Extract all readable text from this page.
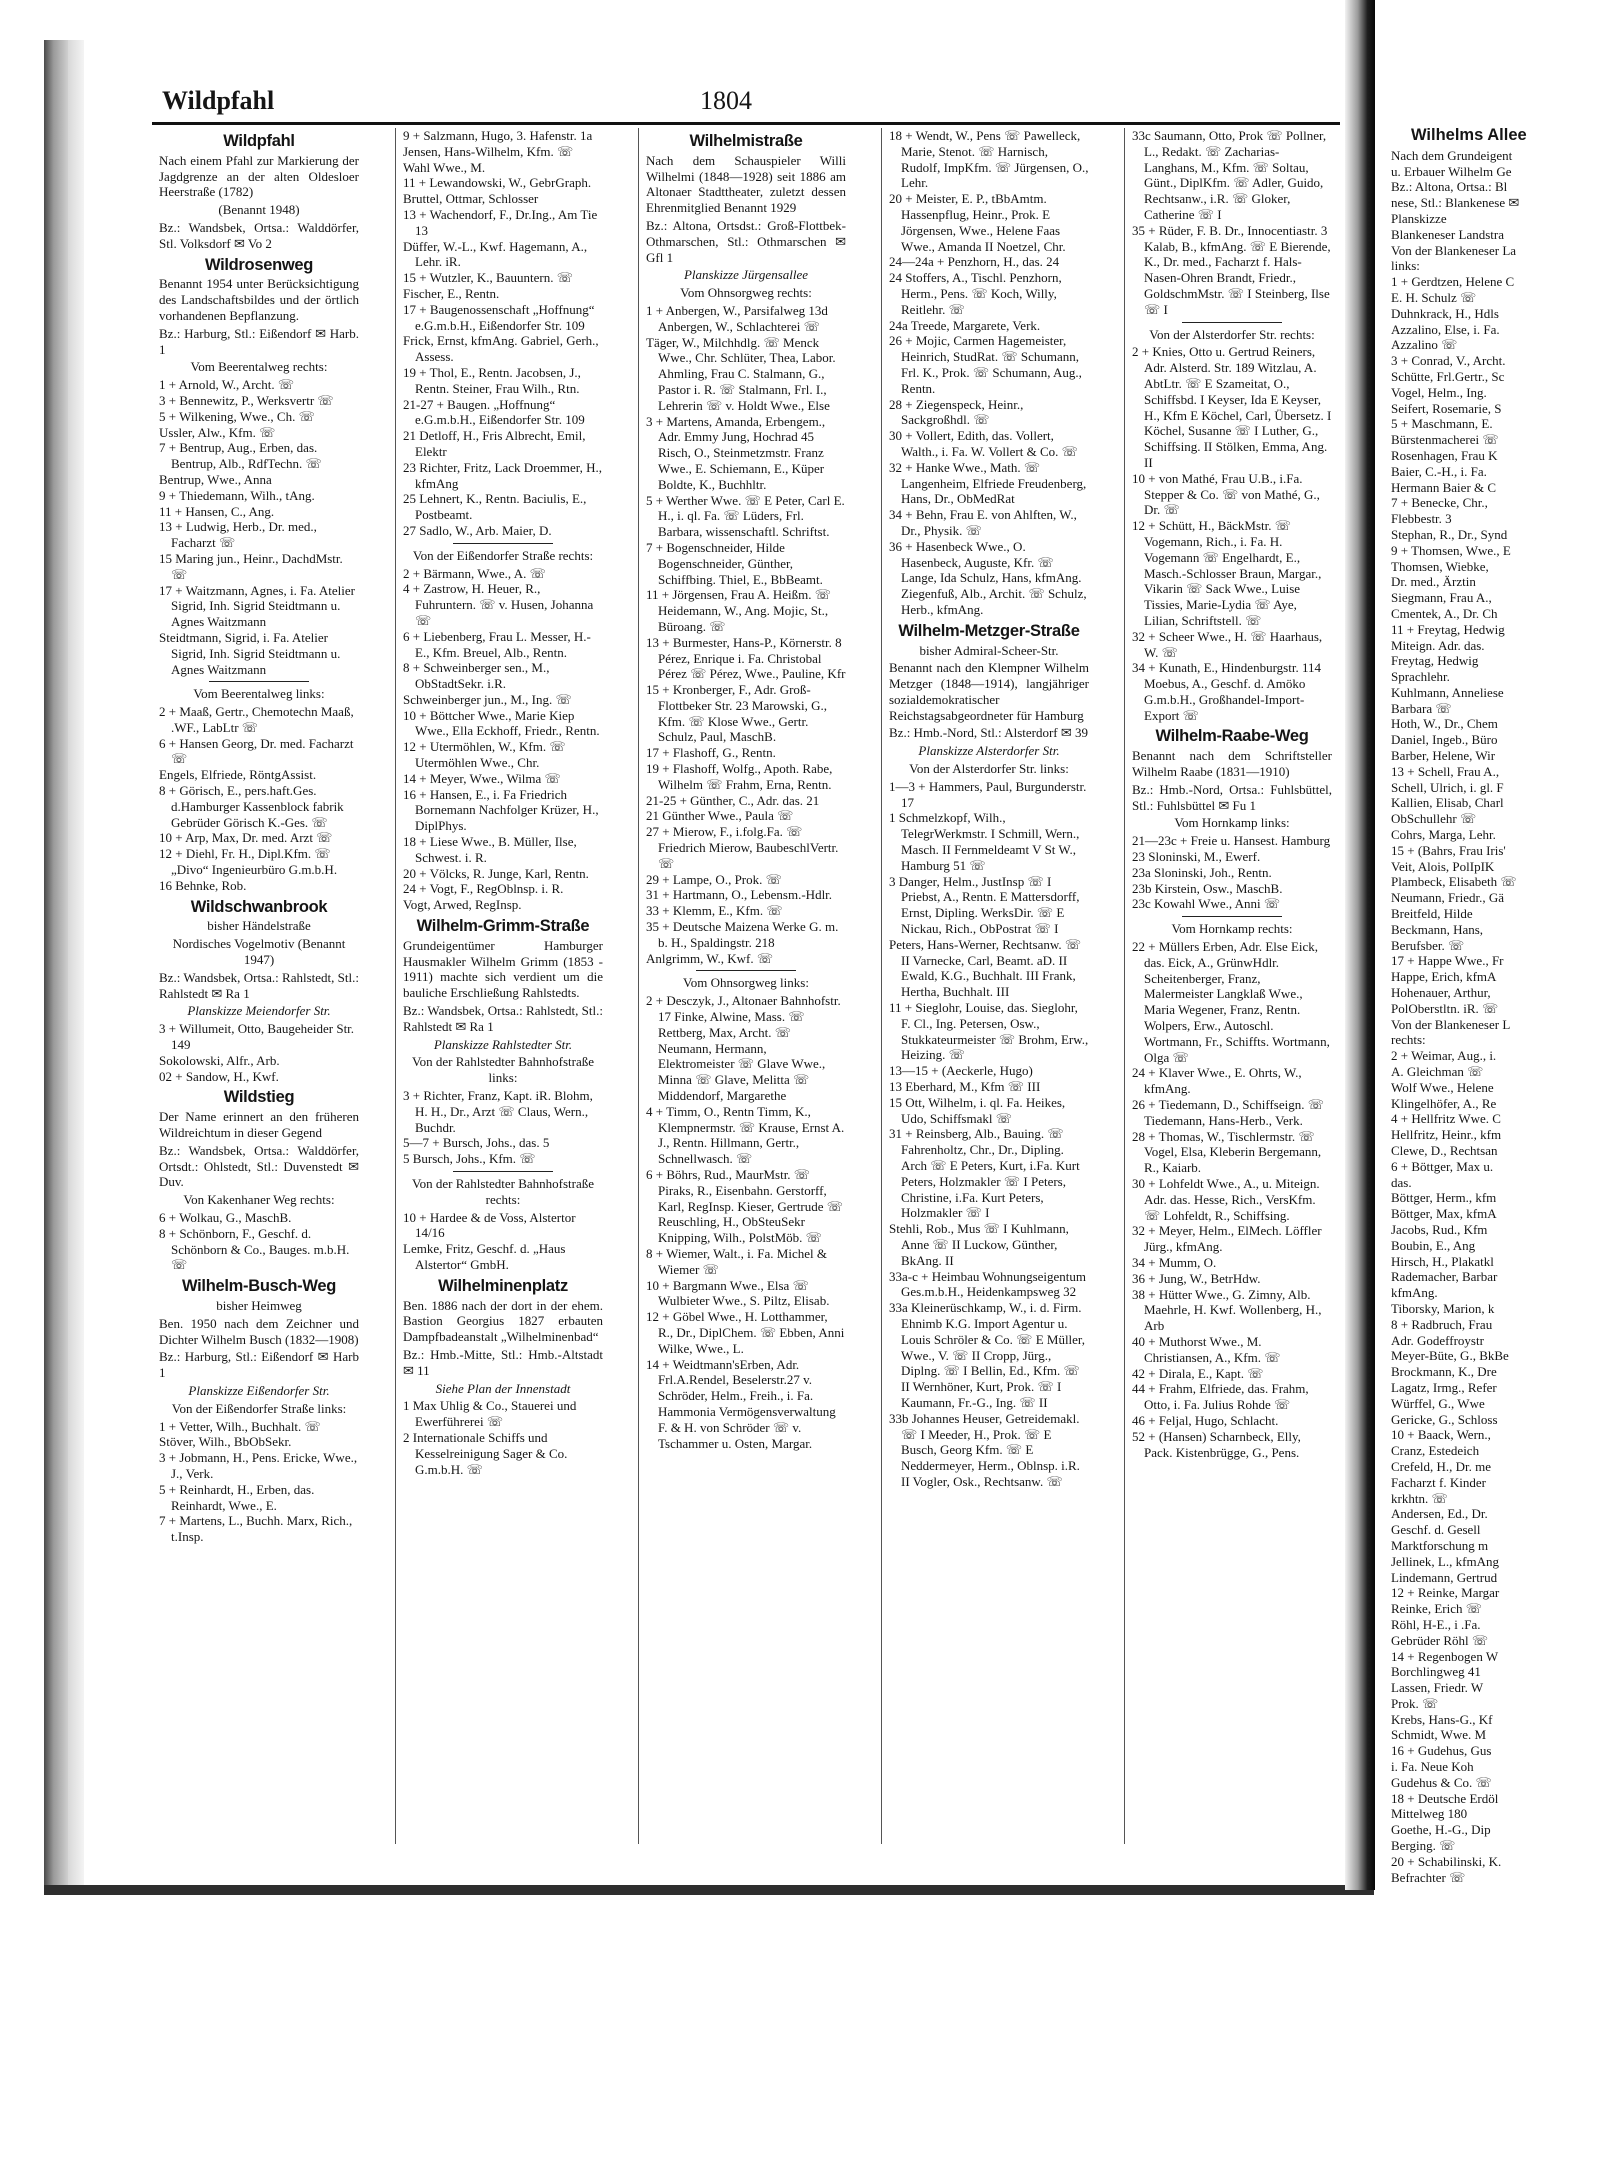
Wildpfahl	1804
Wildpfahl

Nach einem Pfahl zur Markierung der Jagdgrenze an der alten Oldesloer Heerstraße (1782)

(Benannt 1948)

Bz.: Wandsbek, Ortsa.: Walddörfer, Stl. Volksdorf ✉ Vo 2

Wildrosenweg

Benannt 1954 unter Berücksichtigung des Landschaftsbildes und der örtlich vorhandenen Bepflanzung.

Bz.: Harburg, Stl.: Eißendorf ✉ Harb. 1

Vom Beerentalweg rechts:

1 + Arnold, W., Archt. ☏

3 + Bennewitz, P., Werksvertr ☏

5 + Wilkening, Wwe., Ch. ☏

Ussler, Alw., Kfm. ☏

7 + Bentrup, Aug., Erben, das. Bentrup, Alb., RdfTechn. ☏

Bentrup, Wwe., Anna

9 + Thiedemann, Wilh., tAng.

11 + Hansen, C., Ang.

13 + Ludwig, Herb., Dr. med., Facharzt ☏

15 Maring jun., Heinr., DachdMstr. ☏

17 + Waitzmann, Agnes, i. Fa. Atelier Sigrid, Inh. Sigrid Steidtmann u. Agnes Waitzmann

Steidtmann, Sigrid, i. Fa. Atelier Sigrid, Inh. Sigrid Steidtmann u. Agnes Waitzmann

Vom Beerentalweg links:

2 + Maaß, Gertr., Chemotechn Maaß, .WF., LabLtr ☏

6 + Hansen Georg, Dr. med. Facharzt ☏

Engels, Elfriede, RöntgAssist.

8 + Görisch, E., pers.haft.Ges. d.Hamburger Kassenblock fabrik Gebrüder Görisch K.-Ges. ☏

10 + Arp, Max, Dr. med. Arzt ☏

12 + Diehl, Fr. H., Dipl.Kfm. ☏ „Divo“ Ingenieurbüro G.m.b.H.

16 Behnke, Rob.

Wildschwanbrook

bisher Händelstraße

Nordisches Vogelmotiv (Benannt 1947)

Bz.: Wandsbek, Ortsa.: Rahlstedt, Stl.: Rahlstedt ✉ Ra 1

Planskizze Meiendorfer Str.

3 + Willumeit, Otto, Baugeheider Str. 149

Sokolowski, Alfr., Arb.

02 + Sandow, H., Kwf.

Wildstieg

Der Name erinnert an den früheren Wildreichtum in dieser Gegend

Bz.: Wandsbek, Ortsa.: Walddörfer, Ortsdt.: Ohlstedt, Stl.: Duvenstedt ✉ Duv.

Von Kakenhaner Weg rechts:

6 + Wolkau, G., MaschB.

8 + Schönborn, F., Geschf. d. Schönborn & Co., Bauges. m.b.H. ☏

Wilhelm-Busch-Weg

bisher Heimweg

Ben. 1950 nach dem Zeichner und Dichter Wilhelm Busch (1832—1908)

Bz.: Harburg, Stl.: Eißendorf ✉ Harb 1

Planskizze Eißendorfer Str.

Von der Eißendorfer Straße links:

1 + Vetter, Wilh., Buchhalt. ☏

Stöver, Wilh., BbObSekr.

3 + Jobmann, H., Pens. Ericke, Wwe., J., Verk.

5 + Reinhardt, H., Erben, das. Reinhardt, Wwe., E.

7 + Martens, L., Buchh. Marx, Rich., t.Insp.

9 + Salzmann, Hugo, 3. Hafenstr. 1a

Jensen, Hans-Wilhelm, Kfm. ☏

Wahl Wwe., M.

11 + Lewandowski, W., GebrGraph.

Bruttel, Ottmar, Schlosser

13 + Wachendorf, F., Dr.Ing., Am Tie 13

Düffer, W.-L., Kwf. Hagemann, A., Lehr. iR.

15 + Wutzler, K., Bauuntern. ☏

Fischer, E., Rentn.

17 + Baugenossenschaft „Hoffnung“ e.G.m.b.H., Eißendorfer Str. 109

Frick, Ernst, kfmAng. Gabriel, Gerh., Assess.

19 + Thol, E., Rentn. Jacobsen, J., Rentn. Steiner, Frau Wilh., Rtn.

21-27 + Baugen. „Hoffnung“ e.G.m.b.H., Eißendorfer Str. 109

21 Detloff, H., Fris Albrecht, Emil, Elektr

23 Richter, Fritz, Lack Droemmer, H., kfmAng

25 Lehnert, K., Rentn. Baciulis, E., Postbeamt.

27 Sadlo, W., Arb. Maier, D.

Von der Eißendorfer Straße rechts:

2 + Bärmann, Wwe., A. ☏

4 + Zastrow, H. Heuer, R., Fuhruntern. ☏ v. Husen, Johanna ☏

6 + Liebenberg, Frau L. Messer, H.-E., Kfm. Breuel, Alb., Rentn.

8 + Schweinberger sen., M., ObStadtSekr. i.R.

Schweinberger jun., M., Ing. ☏

10 + Böttcher Wwe., Marie Kiep Wwe., Ella Eckhoff, Friedr., Rentn.

12 + Utermöhlen, W., Kfm. ☏ Utermöhlen Wwe., Chr.

14 + Meyer, Wwe., Wilma ☏

16 + Hansen, E., i. Fa Friedrich Bornemann Nachfolger Krüzer, H., DiplPhys.

18 + Liese Wwe., B. Müller, Ilse, Schwest. i. R.

20 + Völcks, R. Junge, Karl, Rentn.

24 + Vogt, F., RegOblnsp. i. R.

Vogt, Arwed, RegInsp.

Wilhelm-Grimm-Straße

Grundeigentümer Hamburger Hausmakler Wilhelm Grimm (1853 - 1911) machte sich verdient um die bauliche Erschließung Rahlstedts.

Bz.: Wandsbek, Ortsa.: Rahlstedt, Stl.: Rahlstedt ✉ Ra 1

Planskizze Rahlstedter Str.

Von der Rahlstedter Bahnhofstraße links:

3 + Richter, Franz, Kapt. iR. Blohm, H. H., Dr., Arzt ☏ Claus, Wern., Buchdr.

5—7 + Bursch, Johs., das. 5

5 Bursch, Johs., Kfm. ☏

Von der Rahlstedter Bahnhofstraße rechts:

10 + Hardee & de Voss, Alstertor 14/16

Lemke, Fritz, Geschf. d. „Haus Alstertor“ GmbH.

Wilhelminenplatz

Ben. 1886 nach der dort in der ehem. Bastion Georgius 1827 erbauten Dampfbadeanstalt „Wilhelminenbad“

Bz.: Hmb.-Mitte, Stl.: Hmb.-Altstadt ✉ 11

Siehe Plan der Innenstadt

1 Max Uhlig & Co., Stauerei und Ewerführerei ☏

2 Internationale Schiffs und Kesselreinigung Sager & Co. G.m.b.H. ☏

Wilhelmistraße

Nach dem Schauspieler Willi Wilhelmi (1848—1928) seit 1886 am Altonaer Stadttheater, zuletzt dessen Ehrenmitglied Benannt 1929

Bz.: Altona, Ortsdst.: Groß-Flottbek-Othmarschen, Stl.: Othmarschen ✉ Gfl 1

Planskizze Jürgensallee

Vom Ohnsorgweg rechts:

1 + Anbergen, W., Parsifalweg 13d Anbergen, W., Schlachterei ☏

Täger, W., Milchhdlg. ☏ Menck Wwe., Chr. Schlüter, Thea, Labor. Ahmling, Frau C. Stalmann, G., Pastor i. R. ☏ Stalmann, Frl. I., Lehrerin ☏ v. Holdt Wwe., Else

3 + Martens, Amanda, Erbengem., Adr. Emmy Jung, Hochrad 45 Risch, O., Steinmetzmstr. Franz Wwe., E. Schiemann, E., Küper Boldte, K., Buchhltr.

5 + Werther Wwe. ☏ E Peter, Carl E. H., i. ql. Fa. ☏ Lüders, Frl. Barbara, wissenschaftl. Schriftst.

7 + Bogenschneider, Hilde Bogenschneider, Günther, Schiffbing. Thiel, E., BbBeamt.

11 + Jörgensen, Frau A. Heißm. ☏ Heidemann, W., Ang. Mojic, St., Büroang. ☏

13 + Burmester, Hans-P., Körnerstr. 8 Pérez, Enrique i. Fa. Christobal Pérez ☏ Pérez, Wwe., Pauline, Kfr

15 + Kronberger, F., Adr. Groß-Flottbeker Str. 23 Marowski, G., Kfm. ☏ Klose Wwe., Gertr. Schulz, Paul, MaschB.

17 + Flashoff, G., Rentn.

19 + Flashoff, Wolfg., Apoth. Rabe, Wilhelm ☏ Frahm, Erna, Rentn.

21-25 + Günther, C., Adr. das. 21

21 Günther Wwe., Paula ☏

27 + Mierow, F., i.folg.Fa. ☏ Friedrich Mierow, BaubeschlVertr. ☏

29 + Lampe, O., Prok. ☏

31 + Hartmann, O., Lebensm.-Hdlr.

33 + Klemm, E., Kfm. ☏

35 + Deutsche Maizena Werke G. m. b. H., Spaldingstr. 218

Anlgrimm, W., Kwf. ☏

Vom Ohnsorgweg links:

2 + Desczyk, J., Altonaer Bahnhofstr. 17 Finke, Alwine, Mass. ☏ Rettberg, Max, Archt. ☏ Neumann, Hermann, Elektromeister ☏ Glave Wwe., Minna ☏ Glave, Melitta ☏ Middendorf, Margarethe

4 + Timm, O., Rentn Timm, K., Klempnermstr. ☏ Krause, Ernst A. J., Rentn. Hillmann, Gertr., Schnellwasch. ☏

6 + Böhrs, Rud., MaurMstr. ☏ Piraks, R., Eisenbahn. Gerstorff, Karl, RegInsp. Kieser, Gertrude ☏ Reuschling, H., ObSteuSekr Knipping, Wilh., PolstMöb. ☏

8 + Wiemer, Walt., i. Fa. Michel & Wiemer ☏

10 + Bargmann Wwe., Elsa ☏ Wulbieter Wwe., S. Piltz, Elisab.

12 + Göbel Wwe., H. Lotthammer, R., Dr., DiplChem. ☏ Ebben, Anni Wilke, Wwe., L.

14 + Weidtmann'sErben, Adr. Frl.A.Rendel, Beselerstr.27 v. Schröder, Helm., Freih., i. Fa. Hammonia Vermögensverwaltung F. & H. von Schröder ☏ v. Tschammer u. Osten, Margar.

18 + Wendt, W., Pens ☏ Pawelleck, Marie, Stenot. ☏ Harnisch, Rudolf, ImpKfm. ☏ Jürgensen, O., Lehr.

20 + Meister, E. P., tBbAmtm. Hassenpflug, Heinr., Prok. E Jörgensen, Wwe., Helene Faas Wwe., Amanda II Noetzel, Chr.

24—24a + Penzhorn, H., das. 24

24 Stoffers, A., Tischl. Penzhorn, Herm., Pens. ☏ Koch, Willy, Reitlehr. ☏

24a Treede, Margarete, Verk.

26 + Mojic, Carmen Hagemeister, Heinrich, StudRat. ☏ Schumann, Frl. K., Prok. ☏ Schumann, Aug., Rentn.

28 + Ziegenspeck, Heinr., Sackgroßhdl. ☏

30 + Vollert, Edith, das. Vollert, Walth., i. Fa. W. Vollert & Co. ☏

32 + Hanke Wwe., Math. ☏ Langenheim, Elfriede Freudenberg, Hans, Dr., ObMedRat

34 + Behn, Frau E. von Ahlften, W., Dr., Physik. ☏

36 + Hasenbeck Wwe., O. Hasenbeck, Auguste, Kfr. ☏ Lange, Ida Schulz, Hans, kfmAng. Ziegenfuß, Alb., Archit. ☏ Schulz, Herb., kfmAng.

Wilhelm-Metzger-Straße

bisher Admiral-Scheer-Str.

Benannt nach den Klempner Wilhelm Metzger (1848—1914), langjähriger sozialdemokratischer Reichstagsabgeordneter für Hamburg

Bz.: Hmb.-Nord, Stl.: Alsterdorf ✉ 39

Planskizze Alsterdorfer Str.

Von der Alsterdorfer Str. links:

1—3 + Hammers, Paul, Burgunderstr. 17

1 Schmelzkopf, Wilh., TelegrWerkmstr. I Schmill, Wern., Masch. II Fernmeldeamt V St W., Hamburg 51 ☏

3 Danger, Helm., JustInsp ☏ I Priebst, A., Rentn. E Mattersdorff, Ernst, Dipling. WerksDir. ☏ E Nickau, Rich., ObPostrat ☏ I

Peters, Hans-Werner, Rechtsanw. ☏ II Varnecke, Carl, Beamt. aD. II Ewald, K.G., Buchhalt. III Frank, Hertha, Buchhalt. III

11 + Sieglohr, Louise, das. Sieglohr, F. Cl., Ing. Petersen, Osw., Stukkateurmeister ☏ Brohm, Erw., Heizing. ☏

13—15 + (Aeckerle, Hugo)

13 Eberhard, M., Kfm ☏ III

15 Ott, Wilhelm, i. ql. Fa. Heikes, Udo, Schiffsmakl ☏

31 + Reinsberg, Alb., Bauing. ☏ Fahrenholtz, Chr., Dr., Dipling. Arch ☏ E Peters, Kurt, i.Fa. Kurt Peters, Holzmakler ☏ I Peters, Christine, i.Fa. Kurt Peters, Holzmakler ☏ I

Stehli, Rob., Mus ☏ I Kuhlmann, Anne ☏ II Luckow, Günther, BkAng. II

33a-c + Heimbau Wohnungseigentum Ges.m.b.H., Heidenkampsweg 32

33a Kleinerüschkamp, W., i. d. Firm. Ehnimb K.G. Import Agentur u. Louis Schröler & Co. ☏ E Müller, Wwe., V. ☏ II Cropp, Jürg., Diplng. ☏ I Bellin, Ed., Kfm. ☏ II Wernhöner, Kurt, Prok. ☏ I Kaumann, Fr.-G., Ing. ☏ II

33b Johannes Heuser, Getreidemakl. ☏ I Meeder, H., Prok. ☏ E Busch, Georg Kfm. ☏ E Neddermeyer, Herm., Oblnsp. i.R. II Vogler, Osk., Rechtsanw. ☏

33c Saumann, Otto, Prok ☏ Pollner, L., Redakt. ☏ Zacharias-Langhans, M., Kfm. ☏ Soltau, Günt., DiplKfm. ☏ Adler, Guido, Rechtsanw., i.R. ☏ Gloker, Catherine ☏ I

35 + Rüder, F. B. Dr., Innocentiastr. 3 Kalab, B., kfmAng. ☏ E Bierende, K., Dr. med., Facharzt f. Hals-Nasen-Ohren Brandt, Friedr., GoldschmMstr. ☏ I Steinberg, Ilse ☏ I

Von der Alsterdorfer Str. rechts:

2 + Knies, Otto u. Gertrud Reiners, Adr. Alsterd. Str. 189 Witzlau, A. AbtLtr. ☏ E Szameitat, O., Schiffsbd. I Keyser, Ida E Keyser, H., Kfm E Köchel, Carl, Übersetz. I Köchel, Susanne ☏ I Luther, G., Schiffsing. II Stölken, Emma, Ang. II

10 + von Mathé, Frau U.B., i.Fa. Stepper & Co. ☏ von Mathé, G., Dr. ☏

12 + Schütt, H., BäckMstr. ☏ Vogemann, Rich., i. Fa. H. Vogemann ☏ Engelhardt, E., Masch.-Schlosser Braun, Margar., Vikarin ☏ Sack Wwe., Luise Tissies, Marie-Lydia ☏ Aye, Lilian, Schriftstell. ☏

32 + Scheer Wwe., H. ☏ Haarhaus, W. ☏

34 + Kunath, E., Hindenburgstr. 114 Moebus, A., Geschf. d. Amöko G.m.b.H., Großhandel-Import-Export ☏

Wilhelm-Raabe-Weg

Benannt nach dem Schriftsteller Wilhelm Raabe (1831—1910)

Bz.: Hmb.-Nord, Ortsa.: Fuhlsbüttel, Stl.: Fuhlsbüttel ✉ Fu 1

Vom Hornkamp links:

21—23c + Freie u. Hansest. Hamburg

23 Sloninski, M., Ewerf.

23a Sloninski, Joh., Rentn.

23b Kirstein, Osw., MaschB.

23c Kowahl Wwe., Anni ☏

Vom Hornkamp rechts:

22 + Müllers Erben, Adr. Else Eick, das. Eick, A., GrünwHdlr. Scheitenberger, Franz, Malermeister Langklaß Wwe., Maria Wegener, Franz, Rentn. Wolpers, Erw., Autoschl. Wortmann, Fr., Schiffts. Wortmann, Olga ☏

24 + Klaver Wwe., E. Ohrts, W., kfmAng.

26 + Tiedemann, D., Schiffseign. ☏ Tiedemann, Hans-Herb., Verk.

28 + Thomas, W., Tischlermstr. ☏ Vogel, Elsa, Kleberin Bergemann, R., Kaiarb.

30 + Lohfeldt Wwe., A., u. Miteign. Adr. das. Hesse, Rich., VersKfm. ☏ Lohfeldt, R., Schiffsing.

32 + Meyer, Helm., ElMech. Löffler Jürg., kfmAng.

34 + Mumm, O.

36 + Jung, W., BetrHdw.

38 + Hütter Wwe., G. Zimny, Alb. Maehrle, H. Kwf. Wollenberg, H., Arb

40 + Muthorst Wwe., M. Christiansen, A., Kfm. ☏

42 + Dirala, E., Kapt. ☏

44 + Frahm, Elfriede, das. Frahm, Otto, i. Fa. Julius Rohde ☏

46 + Feljal, Hugo, Schlacht.

52 + (Hansen) Scharnbeck, Elly, Pack. Kistenbrügge, G., Pens.

Wilhelms Allee

Nach dem Grundeigent

u. Erbauer Wilhelm Ge

Bz.: Altona, Ortsa.: Bl

nese, Stl.: Blankenese ✉

Planskizze

Blankeneser Landstra

Von der Blankeneser La

links:

1 + Gerdtzen, Helene C

E. H. Schulz ☏

Duhnkrack, H., Hdls

Azzalino, Else, i. Fa.

Azzalino ☏

3 + Conrad, V., Archt.

Schütte, Frl.Gertr., Sc

Vogel, Helm., Ing.

Seifert, Rosemarie, S

5 + Maschmann, E.

Bürstenmacherei ☏

Rosenhagen, Frau K

Baier, C.-H., i. Fa.

Hermann Baier & C

7 + Benecke, Chr.,

Flebbestr. 3

Stephan, R., Dr., Synd

9 + Thomsen, Wwe., E

Thomsen, Wiebke,

Dr. med., Ärztin

Siegmann, Frau A.,

Cmentek, A., Dr. Ch

11 + Freytag, Hedwig

Miteign. Adr. das.

Freytag, Hedwig

Sprachlehr.

Kuhlmann, Anneliese

Barbara ☏

Hoth, W., Dr., Chem

Daniel, Ingeb., Büro

Barber, Helene, Wir

13 + Schell, Frau A.,

Schell, Ulrich, i. gl. F

Kallien, Elisab, Charl

ObSchullehr ☏

Cohrs, Marga, Lehr.

15 + (Bahrs, Frau Iris'

Veit, Alois, PolIpIK

Plambeck, Elisabeth ☏

Neumann, Friedr., Gä

Breitfeld, Hilde

Beckmann, Hans,

Berufsber. ☏

17 + Happe Wwe., Fr

Happe, Erich, kfmA

Hohenauer, Arthur,

PolOberstltn. iR. ☏

Von der Blankeneser L

rechts:

2 + Weimar, Aug., i.

A. Gleichman ☏

Wolf Wwe., Helene

Klingelhöfer, A., Re

4 + Hellfritz Wwe. C

Hellfritz, Heinr., kfm

Clewe, D., Rechtsan

6 + Böttger, Max u.

das.

Böttger, Herm., kfm

Böttger, Max, kfmA

Jacobs, Rud., Kfm

Boubin, E., Ang

Hirsch, H., Plakatkl

Rademacher, Barbar

kfmAng.

Tiborsky, Marion, k

8 + Radbruch, Frau

Adr. Godeffroystr

Meyer-Büte, G., BkBe

Brockmann, K., Dre

Lagatz, Irmg., Refer

Würffel, G., Wwe

Gericke, G., Schloss

10 + Baack, Wern.,

Cranz, Estedeich

Crefeld, H., Dr. me

Facharzt f. Kinder

krkhtn. ☏

Andersen, Ed., Dr.

Geschf. d. Gesell

Marktforschung m

Jellinek, L., kfmAng

Lindemann, Gertrud

12 + Reinke, Margar

Reinke, Erich ☏

Röhl, H-E., i .Fa.

Gebrüder Röhl ☏

14 + Regenbogen W

Borchlingweg 41

Lassen, Friedr. W

Prok. ☏

Krebs, Hans-G., Kf

Schmidt, Wwe. M

16 + Gudehus, Gus

i. Fa. Neue Koh

Gudehus & Co. ☏

18 + Deutsche Erdöl

Mittelweg 180

Goethe, H.-G., Dip

Berging. ☏

20 + Schabilinski, K.

Befrachter ☏
